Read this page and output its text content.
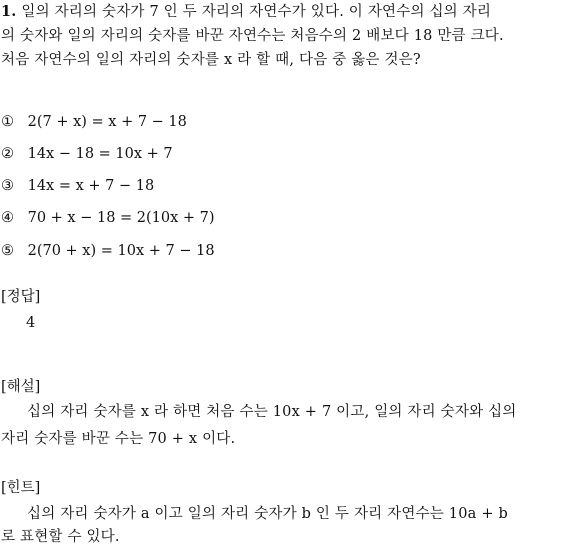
1. 일의 자리의 숫자가 7 인 두 자리의 자연수가 있다. 이 자연수의 십의 자리
의 숫자와 일의 자리의 숫자를 바꾼 자연수는 처음수의 2 배보다 18 만큼 크다.
처음 자연수의 일의 자리의 숫자를 x 라 할 때, 다음 중 옳은 것은?
① 2(7 + x) = x + 7 − 18
② 14x − 18 = 10x + 7
③ 14x = x + 7 − 18
④ 70 + x − 18 = 2(10x + 7)
⑤ 2(70 + x) = 10x + 7 − 18
[정답]
4
[해설]
십의 자리 숫자를 x 라 하면 처음 수는 10x + 7 이고, 일의 자리 숫자와 십의
자리 숫자를 바꾼 수는 70 + x 이다.
[힌트]
십의 자리 숫자가 a 이고 일의 자리 숫자가 b 인 두 자리 자연수는 10a + b
로 표현할 수 있다.
